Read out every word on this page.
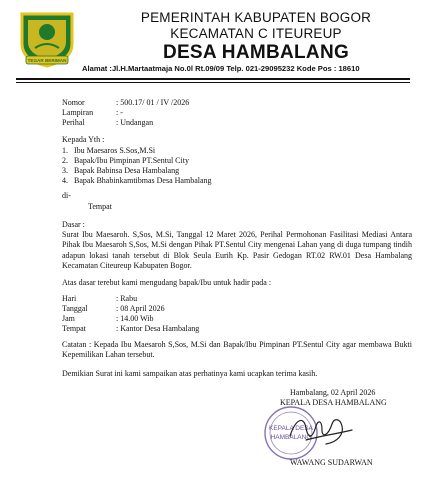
TEGAR BERIMAN
PEMERINTAH KABUPATEN BOGOR
KECAMATAN C ITEUREUP
DESA HAMBALANG
Alamat :Jl.H.Martaatmaja No.0l Rt.09/09 Telp. 021-29095232 Kode Pos : 18610
Nomor	: 500.17/ 01 / IV /2026
Lampiran	: -
Perihal	: Undangan
Kepada Yth :
1. Ibu Maesaros S.Sos,M.Si
2. Bapak/Ibu Pimpinan PT.Sentul City
3. Bapak Babinsa Desa Hambalang
4. Bapak Bhabinkamtibmas Desa Hambalang
di-
Tempat
Dasar :
Surat Ibu Maesaroh. S,Sos, M.Si, Tanggal 12 Maret 2026, Perihal Permohonan Fasilitasi Mediasi Antara Pihak Ibu Maesaroh S,Sos, M.Si dengan Pihak PT.Sentul City mengenai Lahan yang di duga tumpang tindih adapun lokasi tanah tersebut di Blok Seula Eurih Kp. Pasir Gedogan RT.02 RW.01 Desa Hambalang Kecamatan Citeureup Kabupaten Bogor.
Atas dasar terebut kami mengudang bapak/Ibu untuk hadir pada :
Hari	: Rabu
Tanggal	: 08 April 2026
Jam	: 14.00 Wib
Tempat	: Kantor Desa Hambalang
Catatan : Kepada Ibu Maesaroh S,Sos, M.Si dan Bapak/Ibu Pimpinan PT.Sentul City agar membawa Bukti Kepemilikan Lahan tersebut.
Demikian Surat ini kami sampaikan atas perhatinya kami ucapkan terima kasih.
Hambalang, 02 April 2026
KEPALA DESA HAMBALANG
KEPALA DESA
HAMBALANG
WAWANG SUDARWAN
